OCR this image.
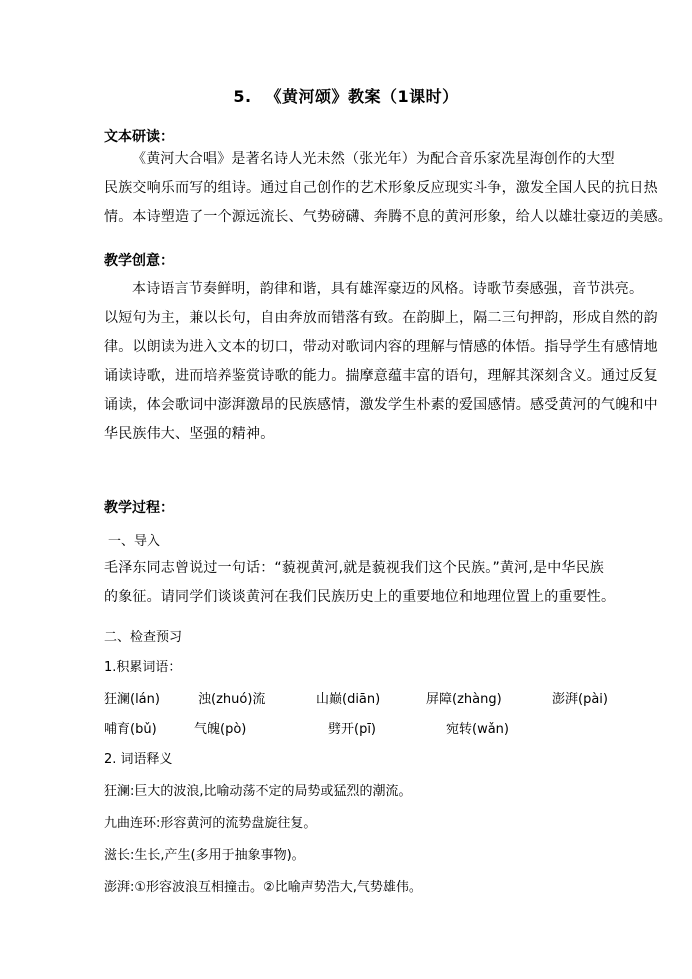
5. 《黄河颂》教案（1课时）
文本研读：
《黄河大合唱》是著名诗人光未然（张光年）为配合音乐家冼星海创作的大型
民族交响乐而写的组诗。通过自己创作的艺术形象反应现实斗争，激发全国人民的抗日热
情。本诗塑造了一个源远流长、气势磅礴、奔腾不息的黄河形象，给人以雄壮豪迈的美感。
教学创意：
本诗语言节奏鲜明，韵律和谐，具有雄浑豪迈的风格。诗歌节奏感强，音节洪亮。
以短句为主，兼以长句，自由奔放而错落有致。在韵脚上，隔二三句押韵，形成自然的韵
律。以朗读为进入文本的切口，带动对歌词内容的理解与情感的体悟。指导学生有感情地
诵读诗歌，进而培养鉴赏诗歌的能力。揣摩意蕴丰富的语句，理解其深刻含义。通过反复
诵读，体会歌词中澎湃激昂的民族感情，激发学生朴素的爱国感情。感受黄河的气魄和中
华民族伟大、坚强的精神。
教学过程：
一、导入
毛泽东同志曾说过一句话：“藐视黄河,就是藐视我们这个民族。”黄河,是中华民族
的象征。请同学们谈谈黄河在我们民族历史上的重要地位和地理位置上的重要性。
二、检查预习
1.积累词语：
狂澜(lán)	浊(zhuó)流	山巅(diān)	屏障(zhàng)	澎湃(pài)
哺育(bǔ)	气魄(pò)	劈开(pī)	宛转(wǎn)
2. 词语释义
狂澜:巨大的波浪,比喻动荡不定的局势或猛烈的潮流。
九曲连环:形容黄河的流势盘旋往复。
滋长:生长,产生(多用于抽象事物)。
澎湃:①形容波浪互相撞击。②比喻声势浩大,气势雄伟。
